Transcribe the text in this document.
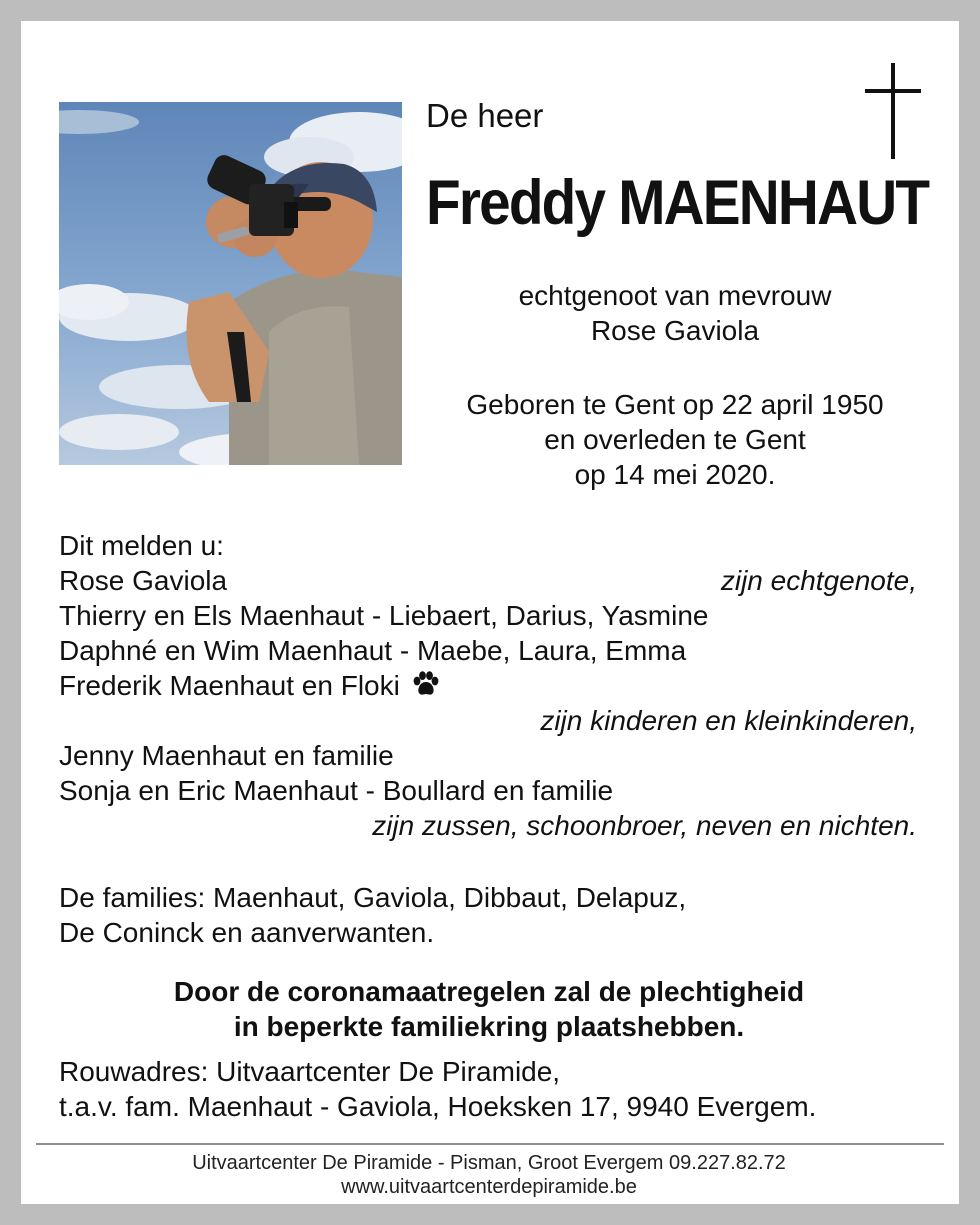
De heer
Freddy MAENHAUT
echtgenoot van mevrouw
Rose Gaviola
Geboren te Gent op 22 april 1950
en overleden te Gent
op 14 mei 2020.
Dit melden u:
Rose Gaviola	zijn echtgenote,
Thierry en Els Maenhaut - Liebaert, Darius, Yasmine
Daphné en Wim Maenhaut - Maebe, Laura, Emma
Frederik Maenhaut en Floki
zijn kinderen en kleinkinderen,
Jenny Maenhaut en familie
Sonja en Eric Maenhaut - Boullard en familie
zijn zussen, schoonbroer, neven en nichten.
De families: Maenhaut, Gaviola, Dibbaut, Delapuz,
De Coninck en aanverwanten.
Door de coronamaatregelen zal de plechtigheid
in beperkte familiekring plaatshebben.
Rouwadres: Uitvaartcenter De Piramide,
t.a.v. fam. Maenhaut - Gaviola, Hoeksken 17, 9940 Evergem.
Uitvaartcenter De Piramide - Pisman, Groot Evergem 09.227.82.72
www.uitvaartcenterdepiramide.be
